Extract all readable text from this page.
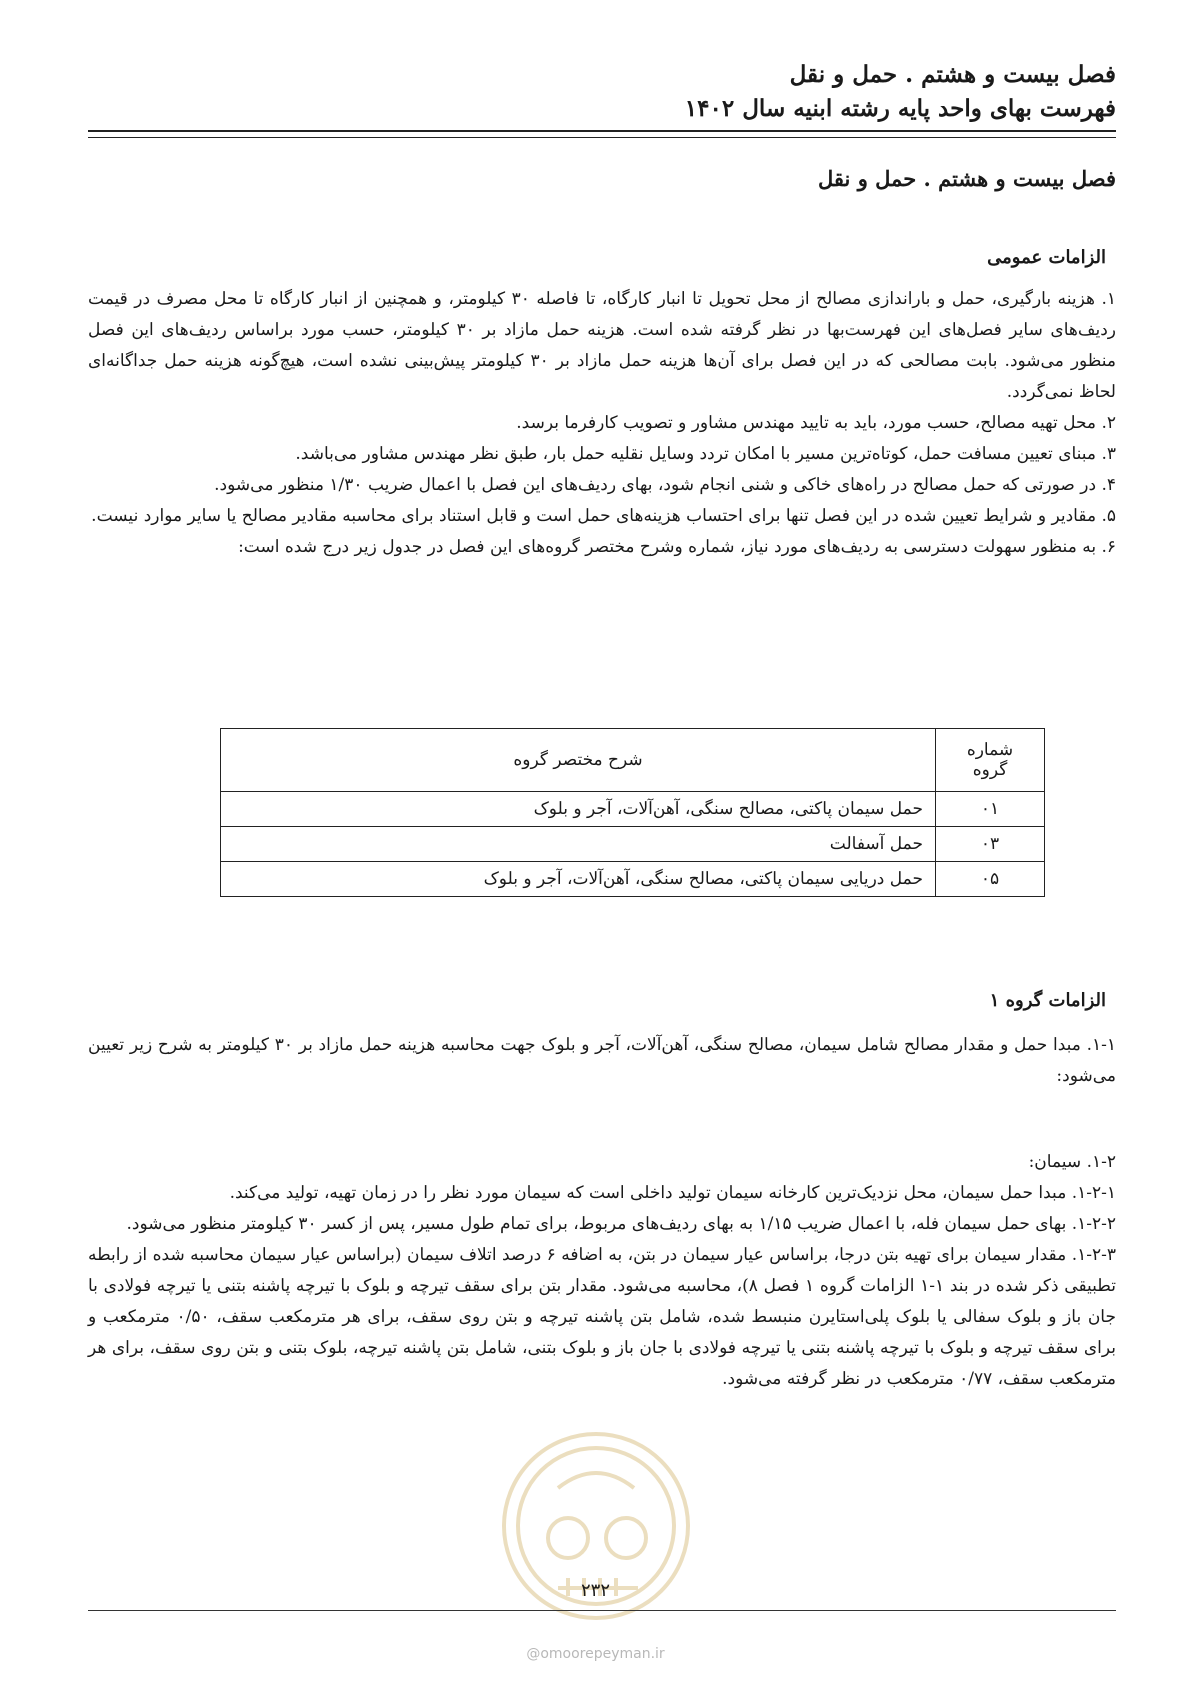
فصل بیست و هشتم . حمل و نقل
فهرست بهای واحد پایه رشته ابنیه سال ۱۴۰۲
فصل بیست و هشتم . حمل و نقل
الزامات عمومی

۱. هزینه بارگیری، حمل و باراندازی مصالح از محل تحویل تا انبار کارگاه، تا فاصله ۳۰ کیلومتر، و همچنین از انبار کارگاه تا محل مصرف در قیمت ردیف‌های سایر فصل‌های این فهرست‌بها در نظر گرفته شده است. هزینه حمل مازاد بر ۳۰ کیلومتر، حسب مورد براساس ردیف‌های این فصل منظور می‌شود. بابت مصالحی که در این فصل برای آن‌ها هزینه حمل مازاد بر ۳۰ کیلومتر پیش‌بینی نشده است، هیچ‌گونه هزینه حمل جداگانه‌ای لحاظ نمی‌گردد.

۲. محل تهیه مصالح، حسب مورد، باید به تایید مهندس مشاور و تصویب کارفرما برسد.

۳. مبنای تعیین مسافت حمل، کوتاه‌ترین مسیر با امکان تردد وسایل نقلیه حمل بار، طبق نظر مهندس مشاور می‌باشد.

۴. در صورتی که حمل مصالح در راه‌های خاکی و شنی انجام شود، بهای ردیف‌های این فصل با اعمال ضریب ۱/۳۰ منظور می‌شود.

۵. مقادیر و شرایط تعیین شده در این فصل تنها برای احتساب هزینه‌های حمل است و قابل استناد برای محاسبه مقادیر مصالح یا سایر موارد نیست.

۶. به منظور سهولت دسترسی به ردیف‌های مورد نیاز، شماره وشرح مختصر گروه‌های این فصل در جدول زیر درج شده است:

شماره گروه	شرح مختصر گروه
۰۱	حمل سیمان پاکتی، مصالح سنگی، آهن‌آلات، آجر و بلوک
۰۳	حمل آسفالت
۰۵	حمل دریایی سیمان پاکتی، مصالح سنگی، آهن‌آلات، آجر و بلوک
الزامات گروه ۱

۱-۱. مبدا حمل و مقدار مصالح شامل سیمان، مصالح سنگی، آهن‌آلات، آجر و بلوک جهت محاسبه هزینه حمل مازاد بر ۳۰ کیلومتر به شرح زیر تعیین می‌شود:

۱-۲. سیمان:

۱-۲-۱. مبدا حمل سیمان، محل نزدیک‌ترین کارخانه سیمان تولید داخلی است که سیمان مورد نظر را در زمان تهیه، تولید می‌کند.

۱-۲-۲. بهای حمل سیمان فله، با اعمال ضریب ۱/۱۵ به بهای ردیف‌های مربوط، برای تمام طول مسیر، پس از کسر ۳۰ کیلومتر منظور می‌شود.

۱-۲-۳. مقدار سیمان برای تهیه بتن درجا، براساس عیار سیمان در بتن، به اضافه ۶ درصد اتلاف سیمان (براساس عیار سیمان محاسبه شده از رابطه تطبیقی ذکر شده در بند ۱-۱ الزامات گروه ۱ فصل ۸)، محاسبه می‌شود. مقدار بتن برای سقف تیرچه و بلوک با تیرچه پاشنه بتنی یا تیرچه فولادی با جان باز و بلوک سفالی یا بلوک پلی‌استایرن منبسط شده، شامل بتن پاشنه تیرچه و بتن روی سقف، برای هر مترمکعب سقف، ۰/۵۰ مترمکعب و برای سقف تیرچه و بلوک با تیرچه پاشنه بتنی یا تیرچه فولادی با جان باز و بلوک بتنی، شامل بتن پاشنه تیرچه، بلوک بتنی و بتن روی سقف، برای هر مترمکعب سقف، ۰/۷۷ مترمکعب در نظر گرفته می‌شود.

۲۳۲
@omoorepeyman.ir
